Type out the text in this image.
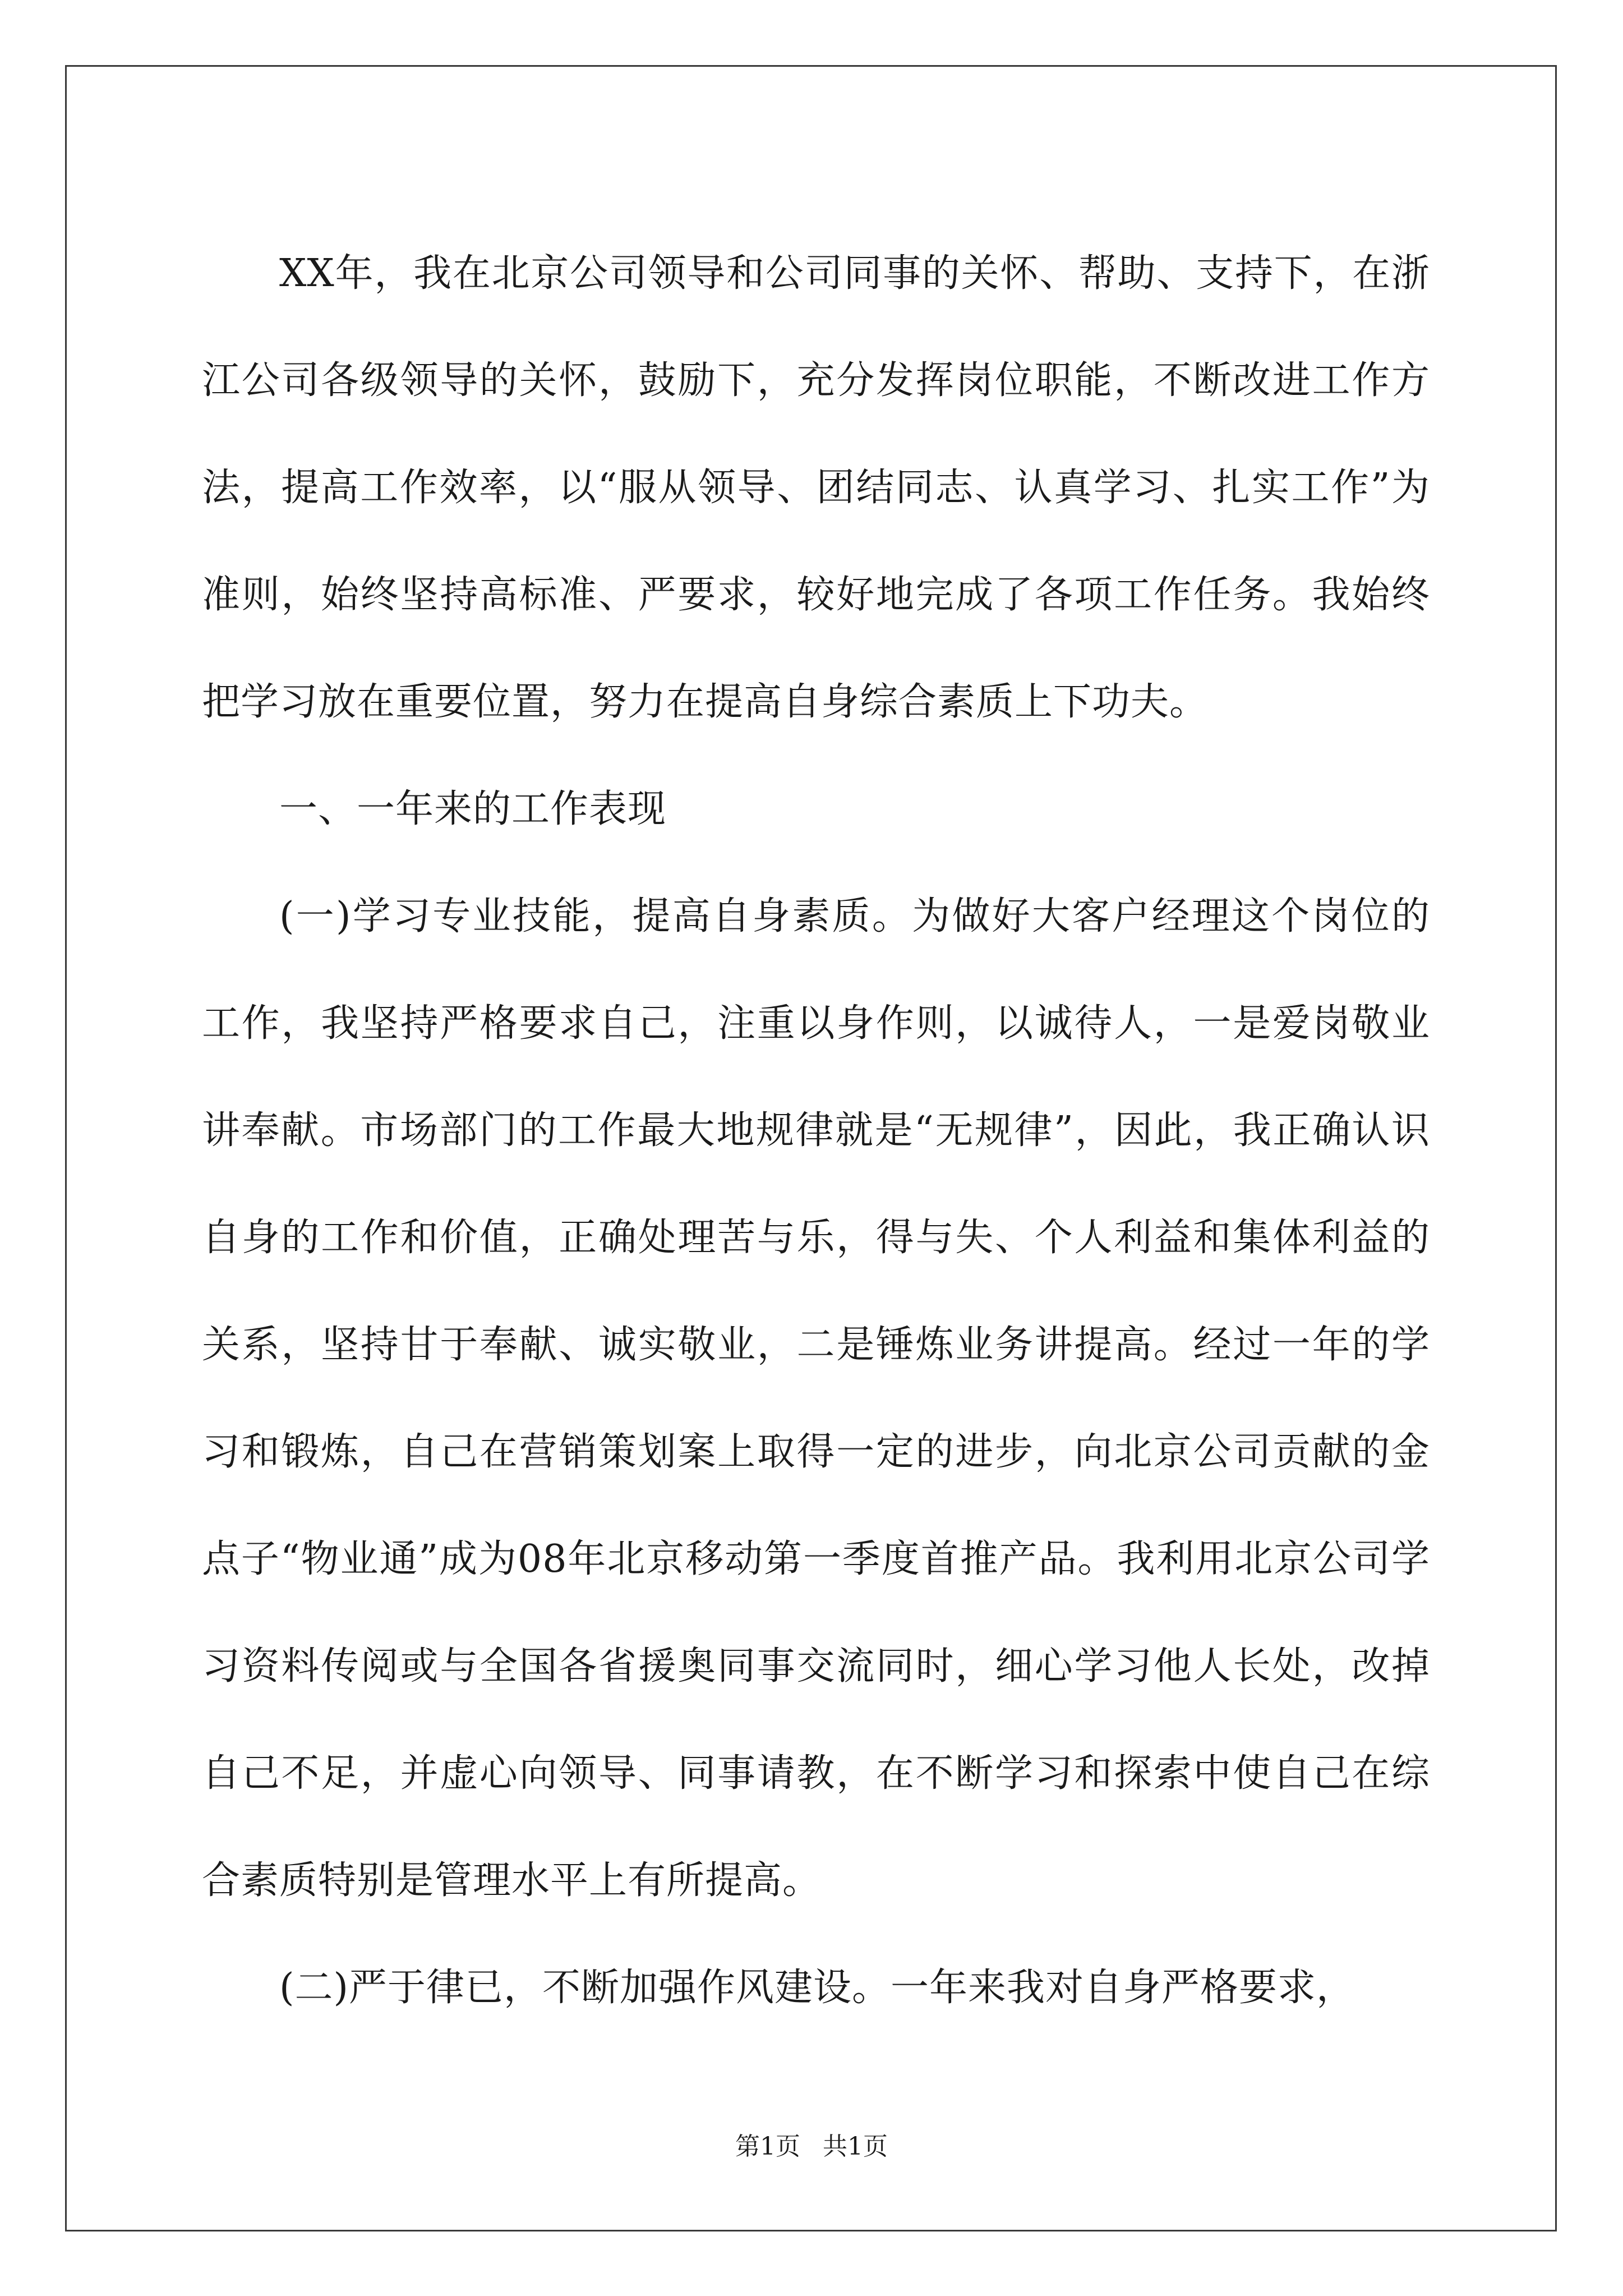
XX年，我在北京公司领导和公司同事的关怀、帮助、支持下，在浙江公司各级领导的关怀，鼓励下，充分发挥岗位职能，不断改进工作方法，提高工作效率，以“服从领导、团结同志、认真学习、扎实工作”为准则，始终坚持高标准、严要求，较好地完成了各项工作任务。我始终把学习放在重要位置，努力在提高自身综合素质上下功夫。

一、一年来的工作表现

(一)学习专业技能，提高自身素质。为做好大客户经理这个岗位的工作，我坚持严格要求自己，注重以身作则，以诚待人，一是爱岗敬业讲奉献。市场部门的工作最大地规律就是“无规律”，因此，我正确认识自身的工作和价值，正确处理苦与乐，得与失、个人利益和集体利益的关系，坚持甘于奉献、诚实敬业，二是锤炼业务讲提高。经过一年的学习和锻炼，自己在营销策划案上取得一定的进步，向北京公司贡献的金点子“物业通”成为08年北京移动第一季度首推产品。我利用北京公司学习资料传阅或与全国各省援奥同事交流同时，细心学习他人长处，改掉自己不足，并虚心向领导、同事请教，在不断学习和探索中使自己在综合素质特别是管理水平上有所提高。

(二)严于律已，不断加强作风建设。一年来我对自身严格要求，

第1页 共1页
